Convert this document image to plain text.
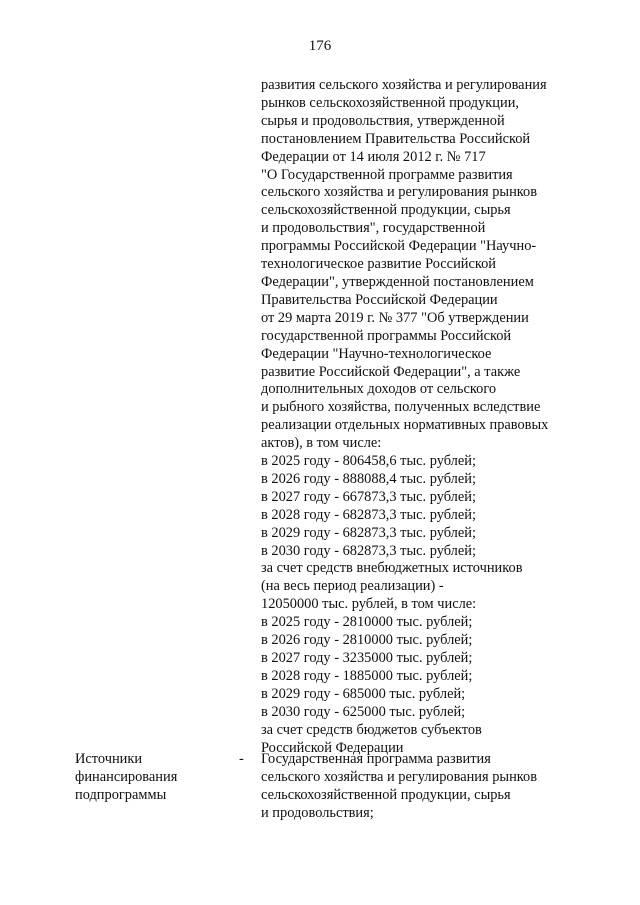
176
развития сельского хозяйства и регулирования
рынков сельскохозяйственной продукции,
сырья и продовольствия, утвержденной
постановлением Правительства Российской
Федерации от 14 июля 2012 г. № 717
"О Государственной программе развития
сельского хозяйства и регулирования рынков
сельскохозяйственной продукции, сырья
и продовольствия", государственной
программы Российской Федерации "Научно-
технологическое развитие Российской
Федерации", утвержденной постановлением
Правительства Российской Федерации
от 29 марта 2019 г. № 377 "Об утверждении
государственной программы Российской
Федерации "Научно-технологическое
развитие Российской Федерации", а также
дополнительных доходов от сельского
и рыбного хозяйства, полученных вследствие
реализации отдельных нормативных правовых
актов), в том числе:
в 2025 году - 806458,6 тыс. рублей;
в 2026 году - 888088,4 тыс. рублей;
в 2027 году - 667873,3 тыс. рублей;
в 2028 году - 682873,3 тыс. рублей;
в 2029 году - 682873,3 тыс. рублей;
в 2030 году - 682873,3 тыс. рублей;
за счет средств внебюджетных источников
(на весь период реализации) -
12050000 тыс. рублей, в том числе:
в 2025 году - 2810000 тыс. рублей;
в 2026 году - 2810000 тыс. рублей;
в 2027 году - 3235000 тыс. рублей;
в 2028 году - 1885000 тыс. рублей;
в 2029 году - 685000 тыс. рублей;
в 2030 году - 625000 тыс. рублей;
за счет средств бюджетов субъектов
Российской Федерации
Источники
финансирования
подпрограммы
- Государственная программа развития
сельского хозяйства и регулирования рынков
сельскохозяйственной продукции, сырья
и продовольствия;
